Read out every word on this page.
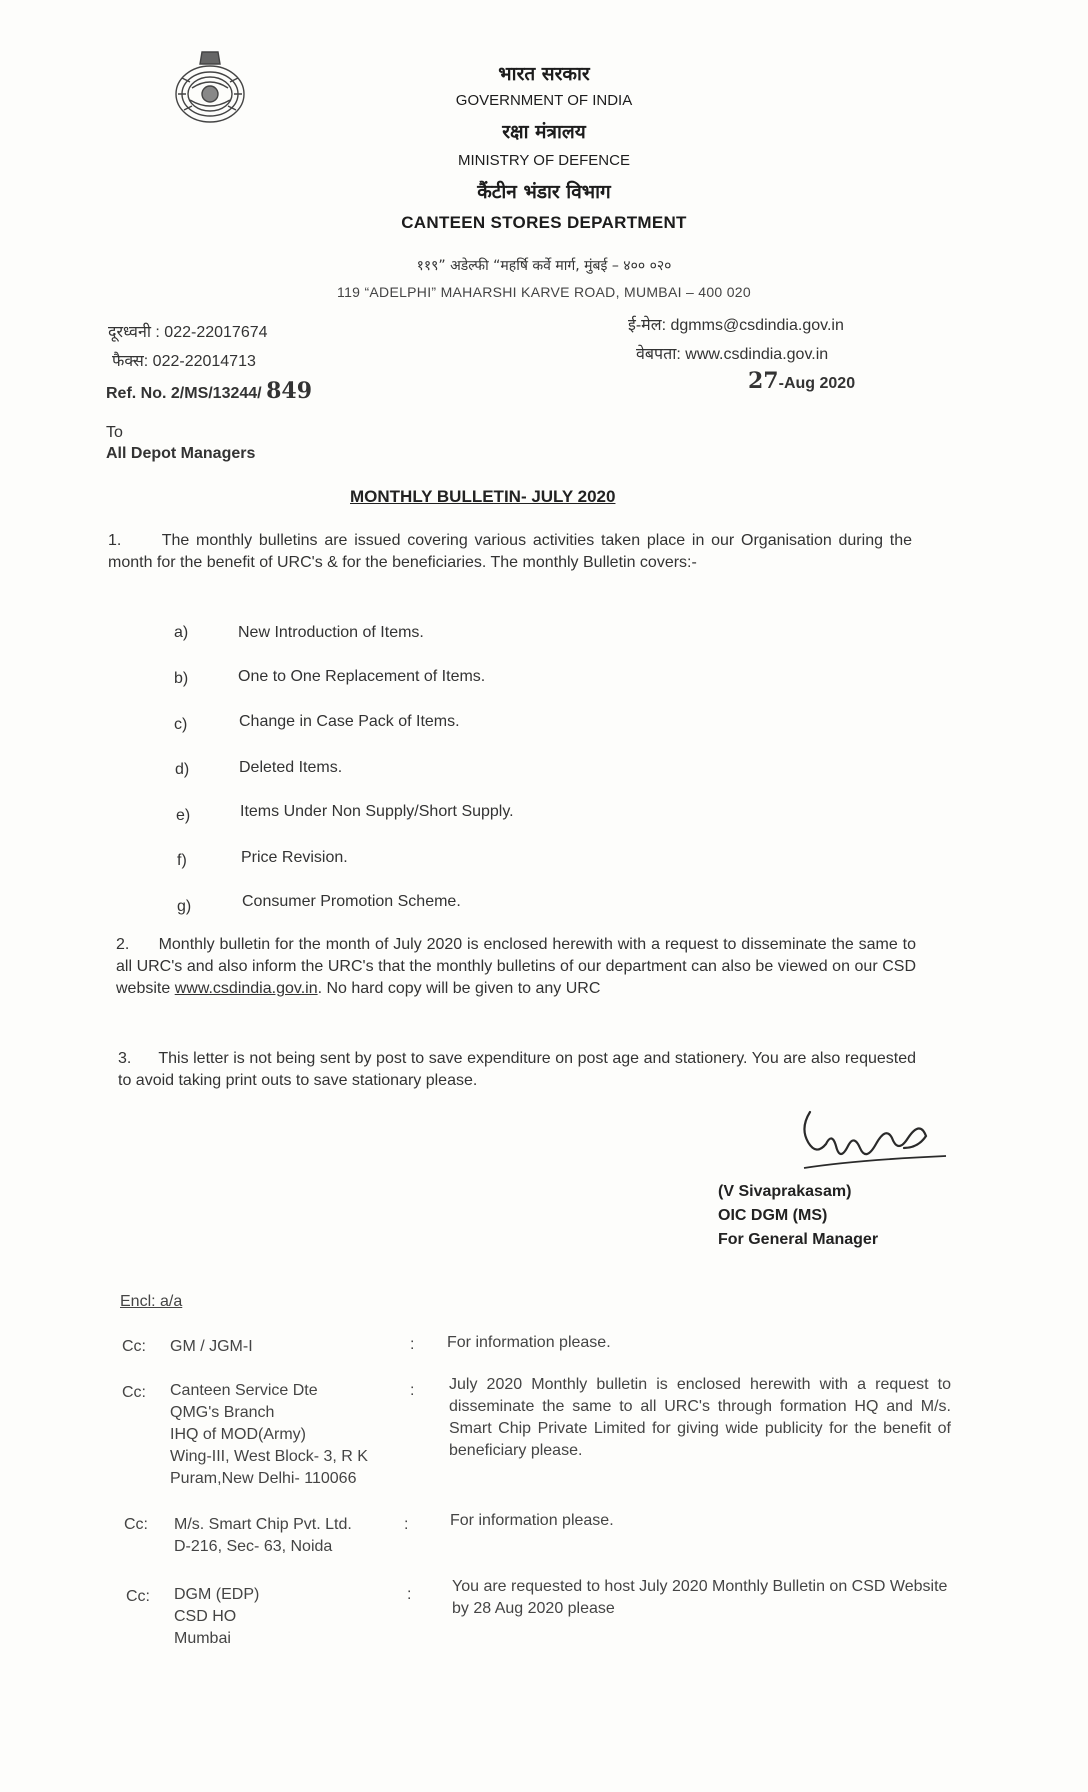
भारत सरकार
GOVERNMENT OF INDIA
रक्षा मंत्रालय
MINISTRY OF DEFENCE
कैंटीन भंडार विभाग
CANTEEN STORES DEPARTMENT
११९” अडेल्फी “महर्षि कर्वे मार्ग, मुंबई – ४०० ०२०
119 “ADELPHI” MAHARSHI KARVE ROAD, MUMBAI – 400 020
दूरध्वनी : 022-22017674
फैक्स: 022-22014713
Ref. No. 2/MS/13244/ 849
ई-मेल: dgmms@csdindia.gov.in
वेबपता: www.csdindia.gov.in
27-Aug 2020
To
All Depot Managers
MONTHLY BULLETIN- JULY 2020
1.	The monthly bulletins are issued covering various activities taken place in our Organisation during the month for the benefit of URC's & for the beneficiaries. The monthly Bulletin covers:-
a)	New Introduction of Items.
b)	One to One Replacement of Items.
c)	Change in Case Pack of Items.
d)	Deleted Items.
e)	Items Under Non Supply/Short Supply.
f)	Price Revision.
g)	Consumer Promotion Scheme.
2. Monthly bulletin for the month of July 2020 is enclosed herewith with a request to disseminate the same to all URC's and also inform the URC's that the monthly bulletins of our department can also be viewed on our CSD website www.csdindia.gov.in. No hard copy will be given to any URC
3. This letter is not being sent by post to save expenditure on post age and stationery. You are also requested to avoid taking print outs to save stationary please.
(V Sivaprakasam)
OIC DGM (MS)
For General Manager
Encl: a/a
Cc: GM / JGM-I	: For information please.
Cc: Canteen Service Dte
QMG's Branch
IHQ of MOD(Army)
Wing-III, West Block- 3, R K
Puram,New Delhi- 110066
: July 2020 Monthly bulletin is enclosed herewith with a request to disseminate the same to all URC's through formation HQ and M/s. Smart Chip Private Limited for giving wide publicity for the benefit of beneficiary please.
Cc: M/s. Smart Chip Pvt. Ltd.
D-216, Sec- 63, Noida
:	For information please.
Cc: DGM (EDP)
CSD HO
Mumbai
:	You are requested to host July 2020 Monthly Bulletin on CSD Website by 28 Aug 2020 please
